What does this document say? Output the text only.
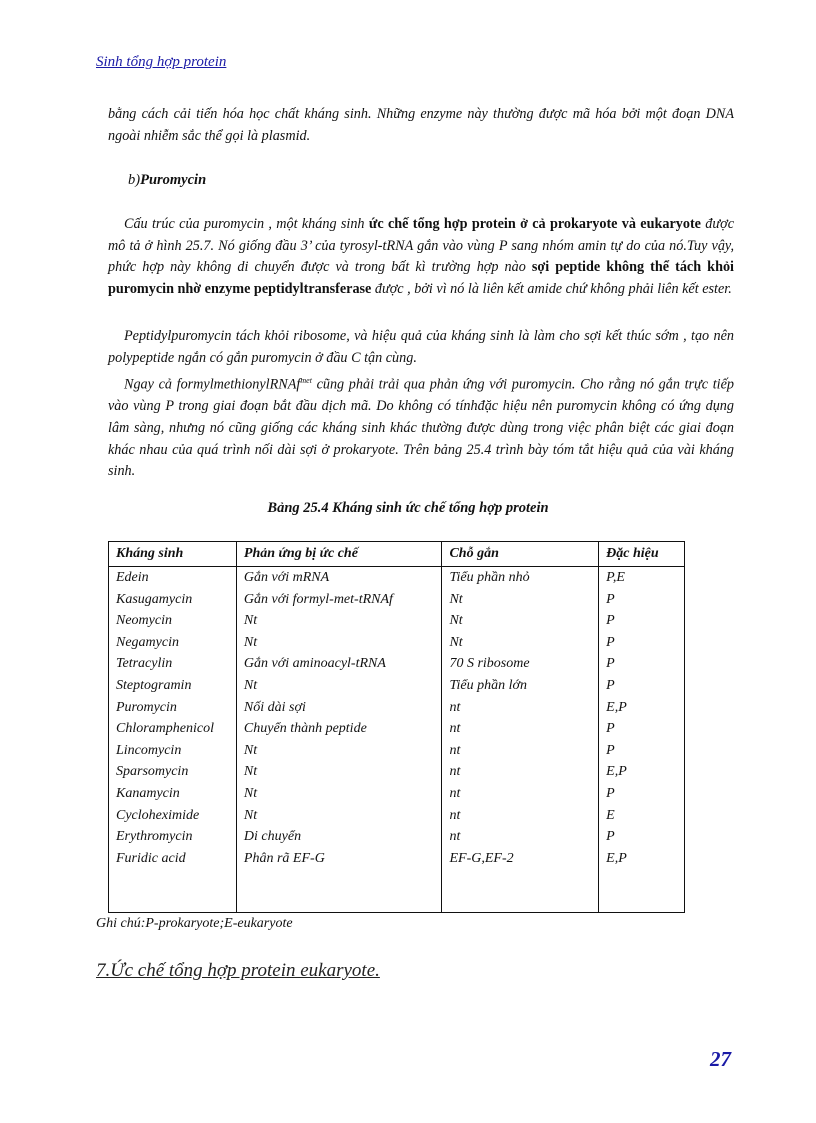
Sinh tổng hợp protein
bằng cách cải tiến hóa học chất kháng sinh. Những enzyme này thường được mã hóa bởi một đoạn DNA ngoài nhiễm sắc thể gọi là plasmid.
b)Puromycin
Cấu trúc của puromycin , một kháng sinh ức chế tổng hợp protein ở cả prokaryote và eukaryote được mô tả ở hình 25.7. Nó giống đầu 3’ của tyrosyl-tRNA gắn vào vùng P sang nhóm amin tự do của nó.Tuy vậy, phức hợp này không di chuyển được và trong bất kì trường hợp nào sợi peptide không thể tách khỏi puromycin nhờ enzyme peptidyltransferase được , bởi vì nó là liên kết amide chứ không phải liên kết ester.
Peptidylpuromycin tách khỏi ribosome, và hiệu quả của kháng sinh là làm cho sợi kết thúc sớm , tạo nên polypeptide ngắn có gắn puromycin ở đầu C tận cùng.
Ngay cả formylmethionylRNAf$^{met}$ cũng phải trải qua phản ứng với puromycin. Cho rằng nó gắn trực tiếp vào vùng P trong giai đoạn bắt đầu dịch mã. Do không có tínhđặc hiệu nên puromycin không có ứng dụng lâm sàng, nhưng nó cũng giống các kháng sinh khác thường được dùng trong việc phân biệt các giai đoạn khác nhau của quá trình nối dài sợi ở prokaryote. Trên bảng 25.4 trình bày tóm tắt hiệu quả của vài kháng sinh.
Bảng 25.4 Kháng sinh ức chế tổng hợp protein
Kháng sinh	Phản ứng bị ức chế	Chỗ gắn	Đặc hiệu
Edein	Gắn với mRNA	Tiểu phần nhỏ	P,E
Kasugamycin	Gắn với formyl-met-tRNAf	Nt	P
Neomycin	Nt	Nt	P
Negamycin	Nt	Nt	P
Tetracylin	Gắn với aminoacyl-tRNA	70 S ribosome	P
Steptogramin	Nt	Tiểu phần lớn	P
Puromycin	Nối dài sợi	nt	E,P
Chloramphenicol	Chuyển thành peptide	nt	P
Lincomycin	Nt	nt	P
Sparsomycin	Nt	nt	E,P
Kanamycin	Nt	nt	P
Cycloheximide	Nt	nt	E
Erythromycin	Di chuyển	nt	P
Furidic acid	Phân rã EF-G	EF-G,EF-2	E,P

Ghi chú:P-prokaryote;E-eukaryote
7.Ức chế tổng hợp protein eukaryote.
27
